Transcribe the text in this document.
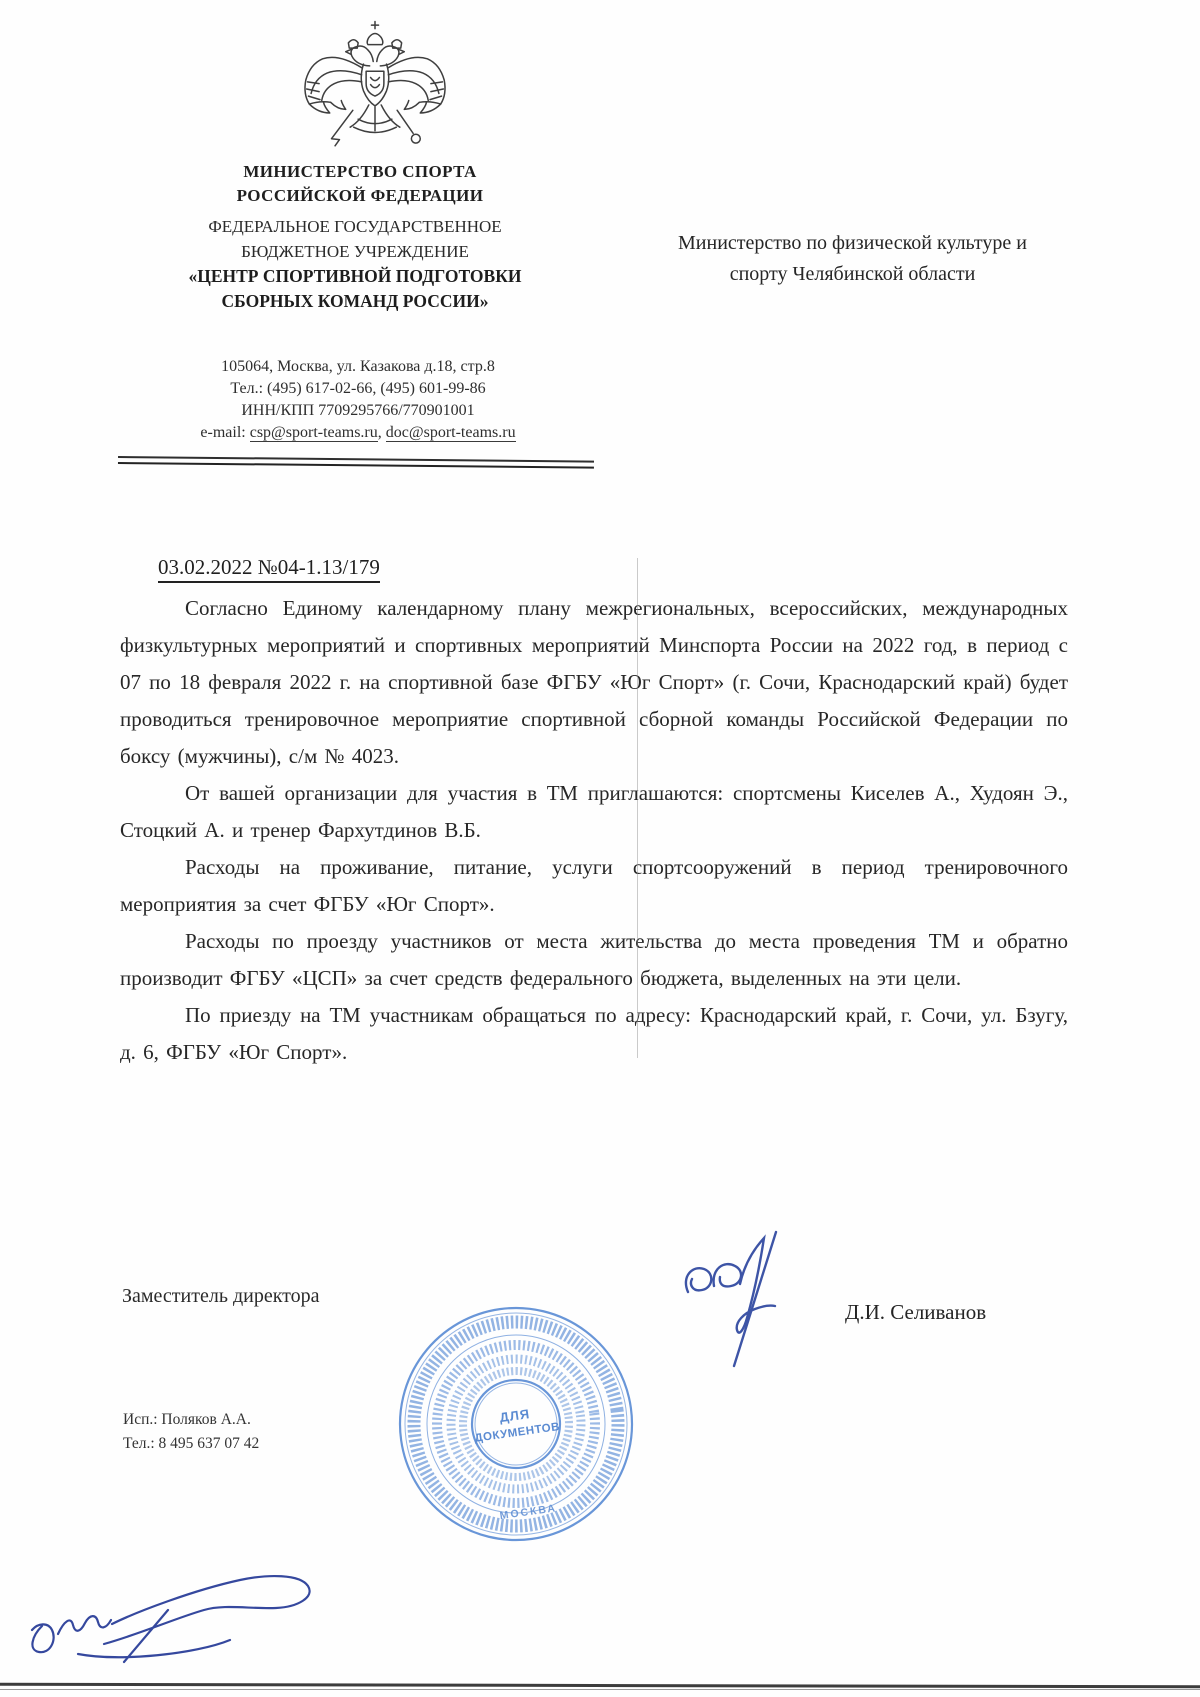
МИНИСТЕРСТВО СПОРТА
РОССИЙСКОЙ ФЕДЕРАЦИИ
ФЕДЕРАЛЬНОЕ ГОСУДАРСТВЕННОЕ
БЮДЖЕТНОЕ УЧРЕЖДЕНИЕ
«ЦЕНТР СПОРТИВНОЙ ПОДГОТОВКИ
СБОРНЫХ КОМАНД РОССИИ»
105064, Москва, ул. Казакова д.18, стр.8
Тел.: (495) 617-02-66, (495) 601-99-86
ИНН/КПП 7709295766/770901001
e-mail: csp@sport-teams.ru, doc@sport-teams.ru
Министерство по физической культуре и
спорту Челябинской области
03.02.2022 №04-1.13/179

Согласно Единому календарному плану межрегиональных, всероссийских, международных физкультурных мероприятий и спортивных мероприятий Минспорта России на 2022 год, в период с 07 по 18 февраля 2022 г. на спортивной базе ФГБУ «Юг Спорт» (г. Сочи, Краснодарский край) будет проводиться тренировочное мероприятие спортивной сборной команды Российской Федерации по боксу (мужчины), с/м № 4023.

От вашей организации для участия в ТМ приглашаются: спортсмены Киселев А., Худоян Э., Стоцкий А. и тренер Фархутдинов В.Б.

Расходы на проживание, питание, услуги спортсооружений в период тренировочного мероприятия за счет ФГБУ «Юг Спорт».

Расходы по проезду участников от места жительства до места проведения ТМ и обратно производит ФГБУ «ЦСП» за счет средств федерального бюджета, выделенных на эти цели.

По приезду на ТМ участникам обращаться по адресу: Краснодарский край, г. Сочи, ул. Бзугу, д. 6, ФГБУ «Юг Спорт».

Заместитель директора
Д.И. Селиванов
ДЛЯ
ДОКУМЕНТОВ
МОСКВА
Исп.: Поляков А.А.
Тел.: 8 495 637 07 42
